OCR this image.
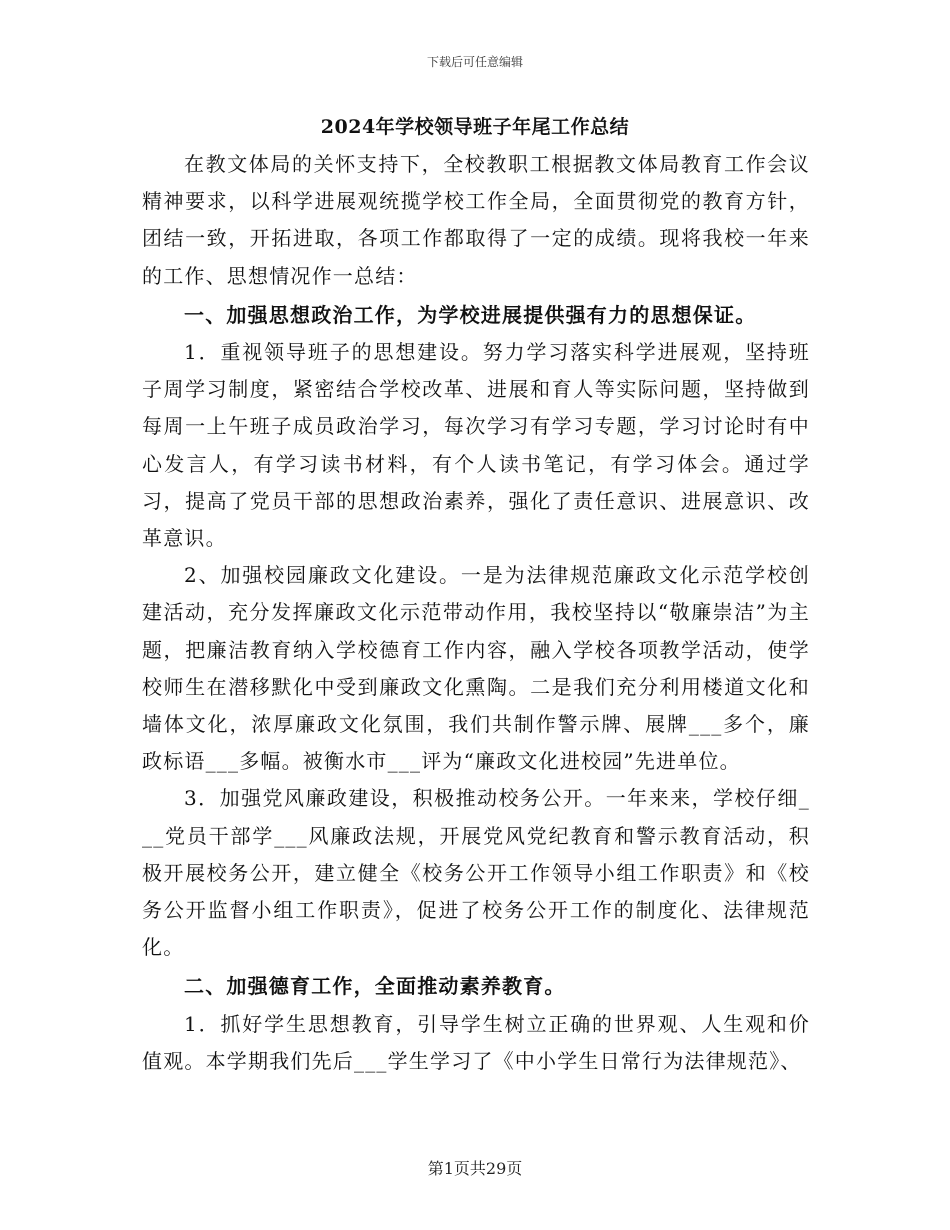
下载后可任意编辑
2024年学校领导班子年尾工作总结

在教文体局的关怀支持下，全校教职工根据教文体局教育工作会议精神要求，以科学进展观统揽学校工作全局，全面贯彻党的教育方针，团结一致，开拓进取，各项工作都取得了一定的成绩。现将我校一年来的工作、思想情况作一总结：

一、加强思想政治工作，为学校进展提供强有力的思想保证。

1．重视领导班子的思想建设。努力学习落实科学进展观，坚持班子周学习制度，紧密结合学校改革、进展和育人等实际问题，坚持做到每周一上午班子成员政治学习，每次学习有学习专题，学习讨论时有中心发言人，有学习读书材料，有个人读书笔记，有学习体会。通过学习，提高了党员干部的思想政治素养，强化了责任意识、进展意识、改革意识。

2、加强校园廉政文化建设。一是为法律规范廉政文化示范学校创建活动，充分发挥廉政文化示范带动作用，我校坚持以“敬廉崇洁”为主题，把廉洁教育纳入学校德育工作内容，融入学校各项教学活动，使学校师生在潜移默化中受到廉政文化熏陶。二是我们充分利用楼道文化和墙体文化，浓厚廉政文化氛围，我们共制作警示牌、展牌___多个，廉政标语___多幅。被衡水市___评为“廉政文化进校园”先进单位。

3．加强党风廉政建设，积极推动校务公开。一年来来，学校仔细___党员干部学___风廉政法规，开展党风党纪教育和警示教育活动，积极开展校务公开，建立健全《校务公开工作领导小组工作职责》和《校务公开监督小组工作职责》，促进了校务公开工作的制度化、法律规范化。

二、加强德育工作，全面推动素养教育。

1．抓好学生思想教育，引导学生树立正确的世界观、人生观和价值观。本学期我们先后___学生学习了《中小学生日常行为法律规范》、

第1页共29页
